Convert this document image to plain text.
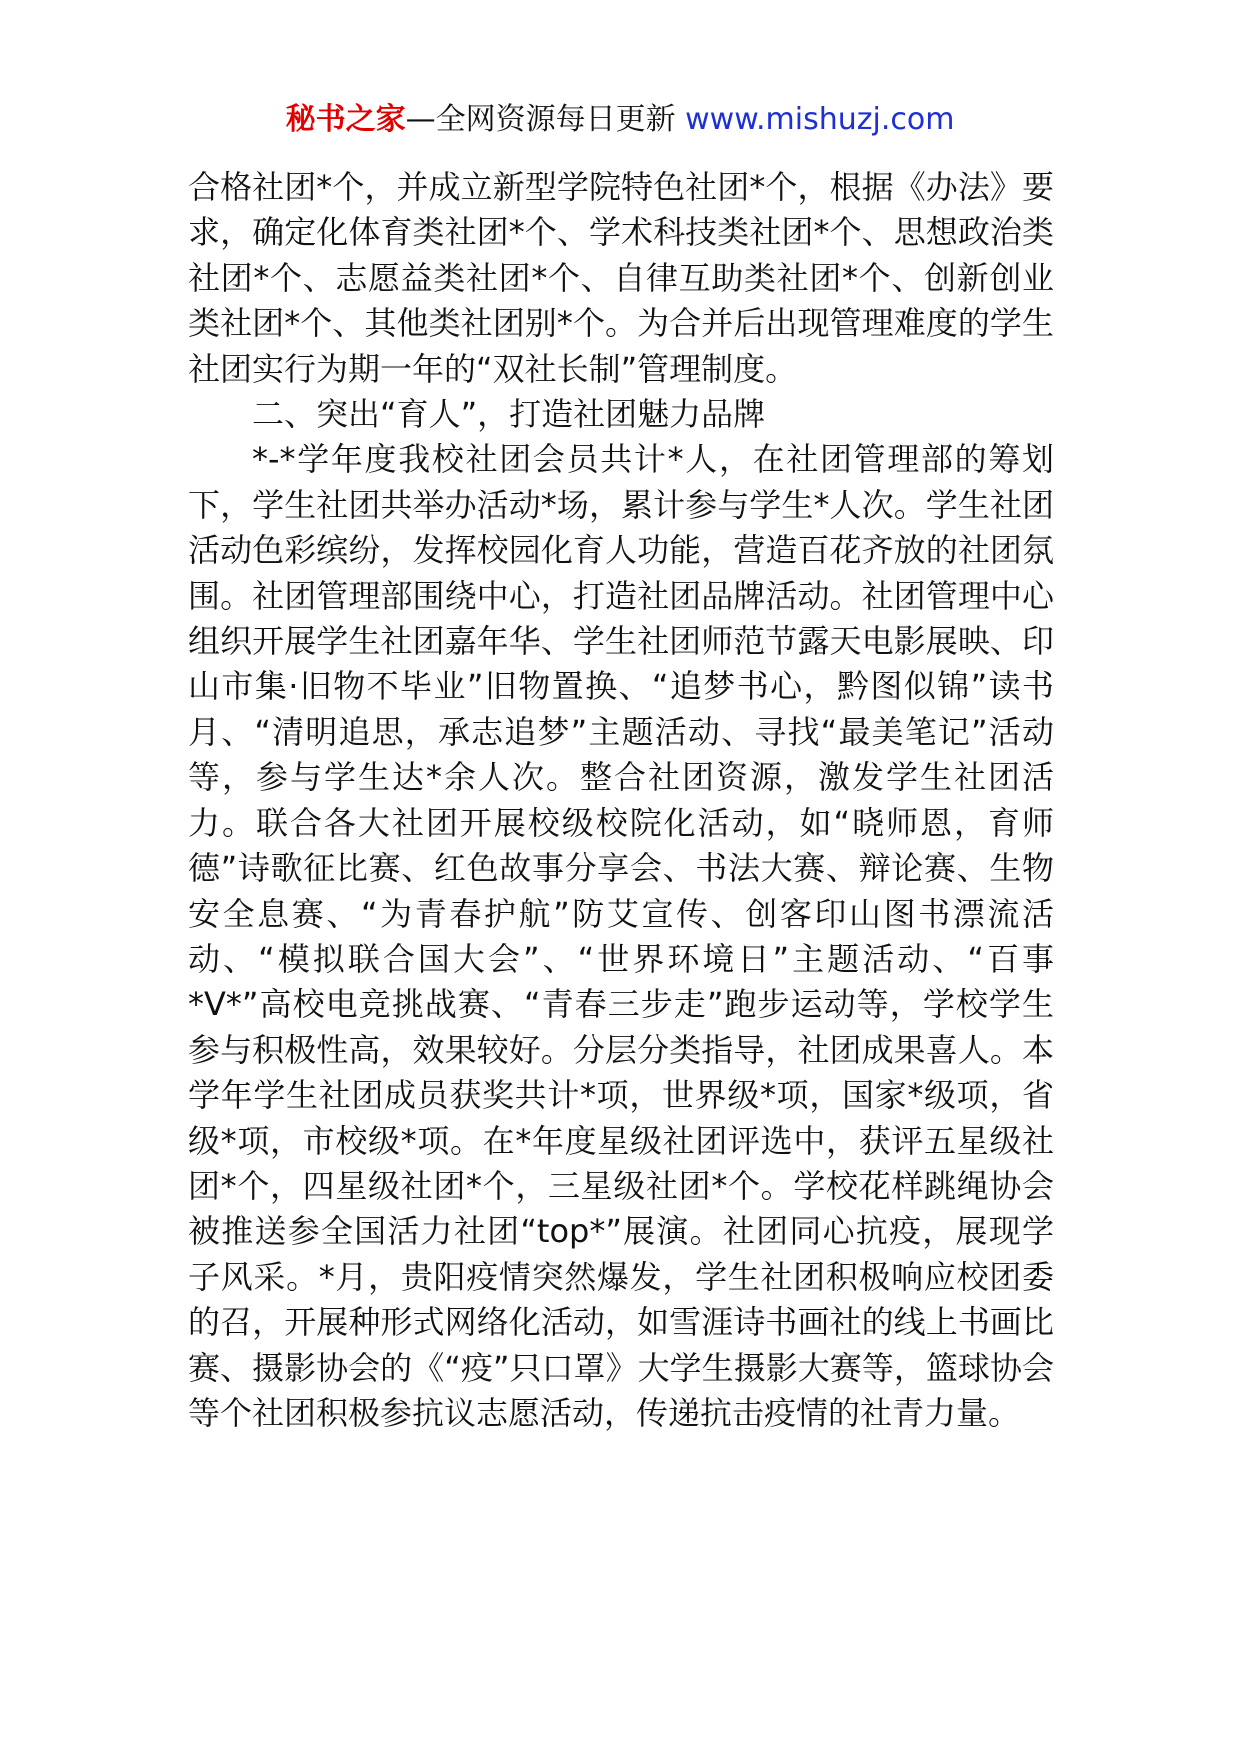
秘书之家—全网资源每日更新 www.mishuzj.com

合格社团*个，并成立新型学院特色社团*个，根据《办法》要求，确定化体育类社团*个、学术科技类社团*个、思想政治类社团*个、志愿益类社团*个、自律互助类社团*个、创新创业类社团*个、其他类社团别*个。为合并后出现管理难度的学生社团实行为期一年的“双社长制”管理制度。

二、突出“育人”，打造社团魅力品牌

*-*学年度我校社团会员共计*人，在社团管理部的筹划下，学生社团共举办活动*场，累计参与学生*人次。学生社团活动色彩缤纷，发挥校园化育人功能，营造百花齐放的社团氛围。社团管理部围绕中心，打造社团品牌活动。社团管理中心组织开展学生社团嘉年华、学生社团师范节露天电影展映、印山市集·旧物不毕业”旧物置换、“追梦书心，黔图似锦”读书月、“清明追思，承志追梦”主题活动、寻找“最美笔记”活动等，参与学生达*余人次。整合社团资源，激发学生社团活力。联合各大社团开展校级校院化活动，如“晓师恩，育师德”诗歌征比赛、红色故事分享会、书法大赛、辩论赛、生物安全息赛、“为青春护航”防艾宣传、创客印山图书漂流活动、“模拟联合国大会”、“世界环境日”主题活动、“百事*V*”高校电竞挑战赛、“青春三步走”跑步运动等，学校学生参与积极性高，效果较好。分层分类指导，社团成果喜人。本学年学生社团成员获奖共计*项，世界级*项，国家*级项，省级*项，市校级*项。在*年度星级社团评选中，获评五星级社团*个，四星级社团*个，三星级社团*个。学校花样跳绳协会被推送参全国活力社团“top*”展演。社团同心抗疫，展现学子风采。*月，贵阳疫情突然爆发，学生社团积极响应校团委的召，开展种形式网络化活动，如雪涯诗书画社的线上书画比赛、摄影协会的《“疫”只口罩》大学生摄影大赛等，篮球协会等个社团积极参抗议志愿活动，传递抗击疫情的社青力量。
